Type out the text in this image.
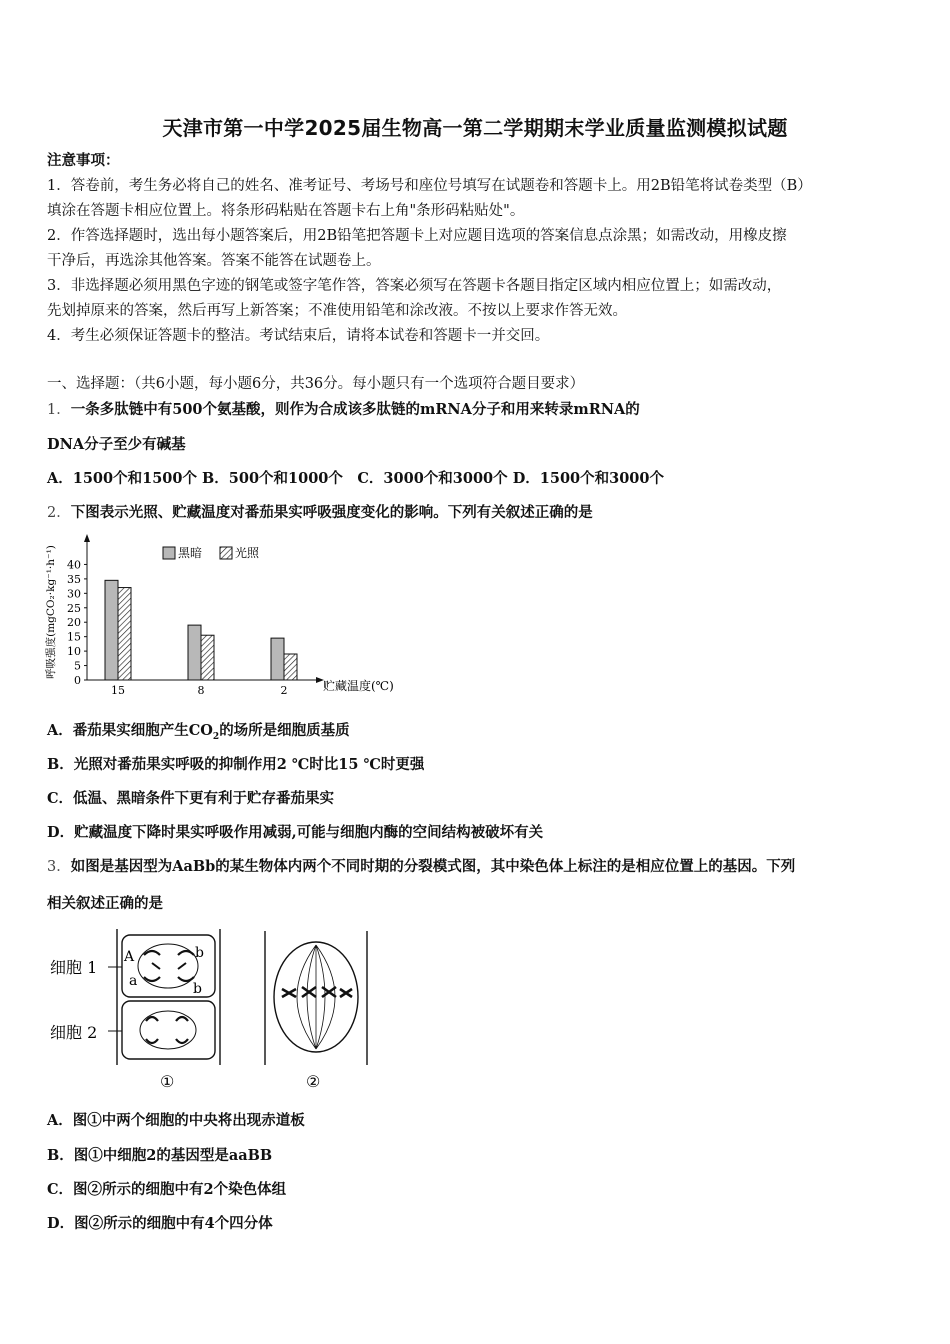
天津市第一中学2025届生物高一第二学期期末学业质量监测模拟试题
注意事项：
1．答卷前，考生务必将自己的姓名、准考证号、考场号和座位号填写在试题卷和答题卡上。用2B铅笔将试卷类型（B）
填涂在答题卡相应位置上。将条形码粘贴在答题卡右上角"条形码粘贴处"。
2．作答选择题时，选出每小题答案后，用2B铅笔把答题卡上对应题目选项的答案信息点涂黑；如需改动，用橡皮擦
干净后，再选涂其他答案。答案不能答在试题卷上。
3．非选择题必须用黑色字迹的钢笔或签字笔作答，答案必须写在答题卡各题目指定区域内相应位置上；如需改动，
先划掉原来的答案，然后再写上新答案；不准使用铅笔和涂改液。不按以上要求作答无效。
4．考生必须保证答题卡的整洁。考试结束后，请将本试卷和答题卡一并交回。
一、选择题：（共6小题，每小题6分，共36分。每小题只有一个选项符合题目要求）
1．一条多肽链中有500个氨基酸，则作为合成该多肽链的mRNA分子和用来转录mRNA的
DNA分子至少有碱基
A．1500个和1500个 B．500个和1000个　C．3000个和3000个 D．1500个和3000个
2．下图表示光照、贮藏温度对番茄果实呼吸强度变化的影响。下列有关叙述正确的是
呼吸强度(mgCO₂·kg⁻¹·h⁻¹)
0
5
10
15
20
25
30
35
40
15	8	2	贮藏温度(℃)
黑暗	光照
A．番茄果实细胞产生$CO_2$的场所是细胞质基质
B．光照对番茄果实呼吸的抑制作用2 ℃时比15 ℃时更强
C．低温、黑暗条件下更有利于贮存番茄果实
D．贮藏温度下降时果实呼吸作用减弱,可能与细胞内酶的空间结构被破坏有关
3．如图是基因型为AaBb的某生物体内两个不同时期的分裂模式图，其中染色体上标注的是相应位置上的基因。下列
相关叙述正确的是
细胞 1
细胞 2
A
a
b
b
①	②
A．图①中两个细胞的中央将出现赤道板
B．图①中细胞2的基因型是aaBB
C．图②所示的细胞中有2个染色体组
D．图②所示的细胞中有4个四分体
